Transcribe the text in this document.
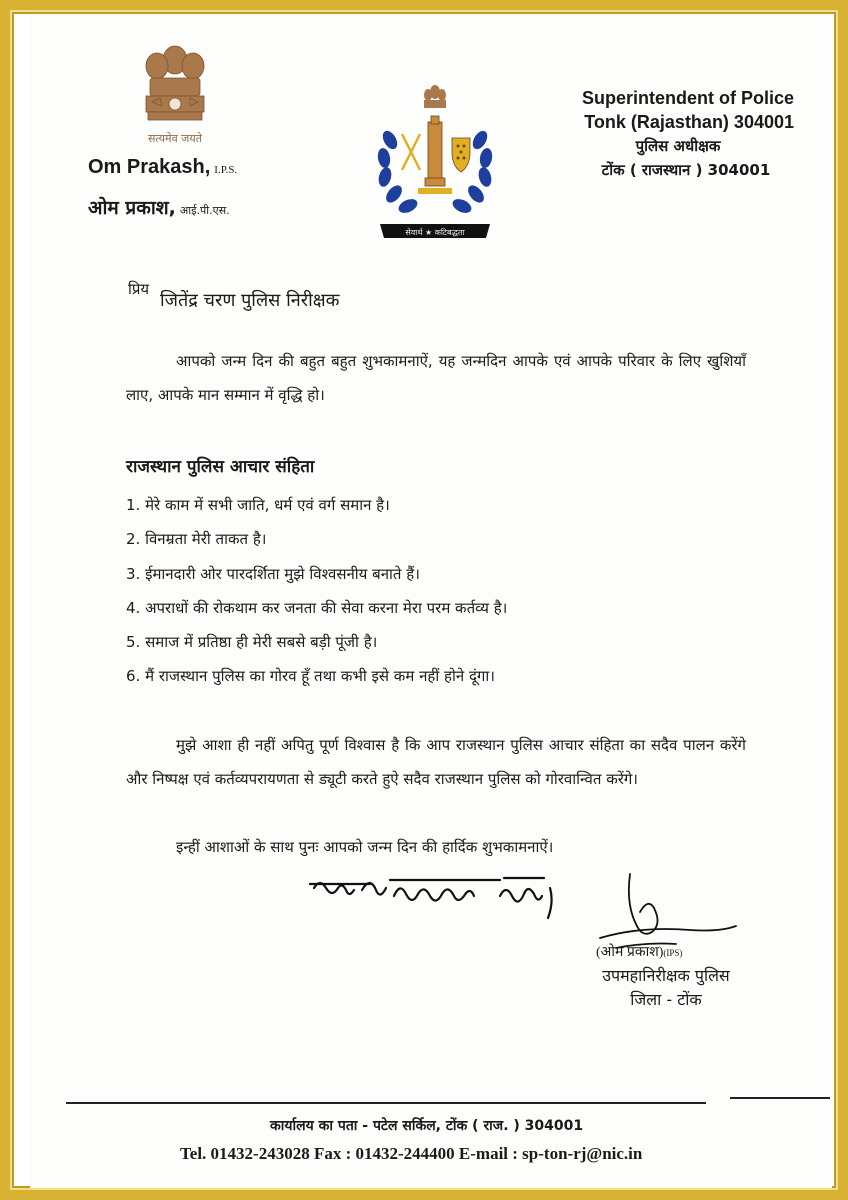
सत्यमेव जयते
Om Prakash, I.P.S.
ओम प्रकाश, आई.पी.एस.
सेवार्थ ★ कटिबद्धता
Superintendent of Police
Tonk (Rajasthan) 304001
पुलिस अधीक्षक
टोंक ( राजस्थान ) 304001
प्रिय
जितेंद्र चरण पुलिस निरीक्षक
आपको जन्म दिन की बहुत बहुत शुभकामनाऐं, यह जन्मदिन आपके एवं आपके परिवार के लिए खुशियाँ लाए, आपके मान सम्मान में वृद्धि हो।
राजस्थान पुलिस आचार संहिता
1. मेरे काम में सभी जाति, धर्म एवं वर्ग समान है।
2. विनम्रता मेरी ताकत है।
3. ईमानदारी ओर पारदर्शिता मुझे विश्वसनीय बनाते हैं।
4. अपराधों की रोकथाम कर जनता की सेवा करना मेरा परम कर्तव्य है।
5. समाज में प्रतिष्ठा ही मेरी सबसे बड़ी पूंजी है।
6. मैं राजस्थान पुलिस का गोरव हूँ तथा कभी इसे कम नहीं होने दूंगा।
मुझे आशा ही नहीं अपितु पूर्ण विश्वास है कि आप राजस्थान पुलिस आचार संहिता का सदैव पालन करेंगे और निष्पक्ष एवं कर्तव्यपरायणता से ड्यूटी करते हुऐ सदैव राजस्थान पुलिस को गोरवान्वित करेंगे।
इन्हीं आशाओं के साथ पुनः आपको जन्म दिन की हार्दिक शुभकामनाऐं।
(ओम प्रकाश)(IPS)
उपमहानिरीक्षक पुलिस
जिला - टोंक
कार्यालय का पता - पटेल सर्किल, टोंक ( राज. ) 304001
Tel. 01432-243028 Fax : 01432-244400 E-mail : sp-ton-rj@nic.in
